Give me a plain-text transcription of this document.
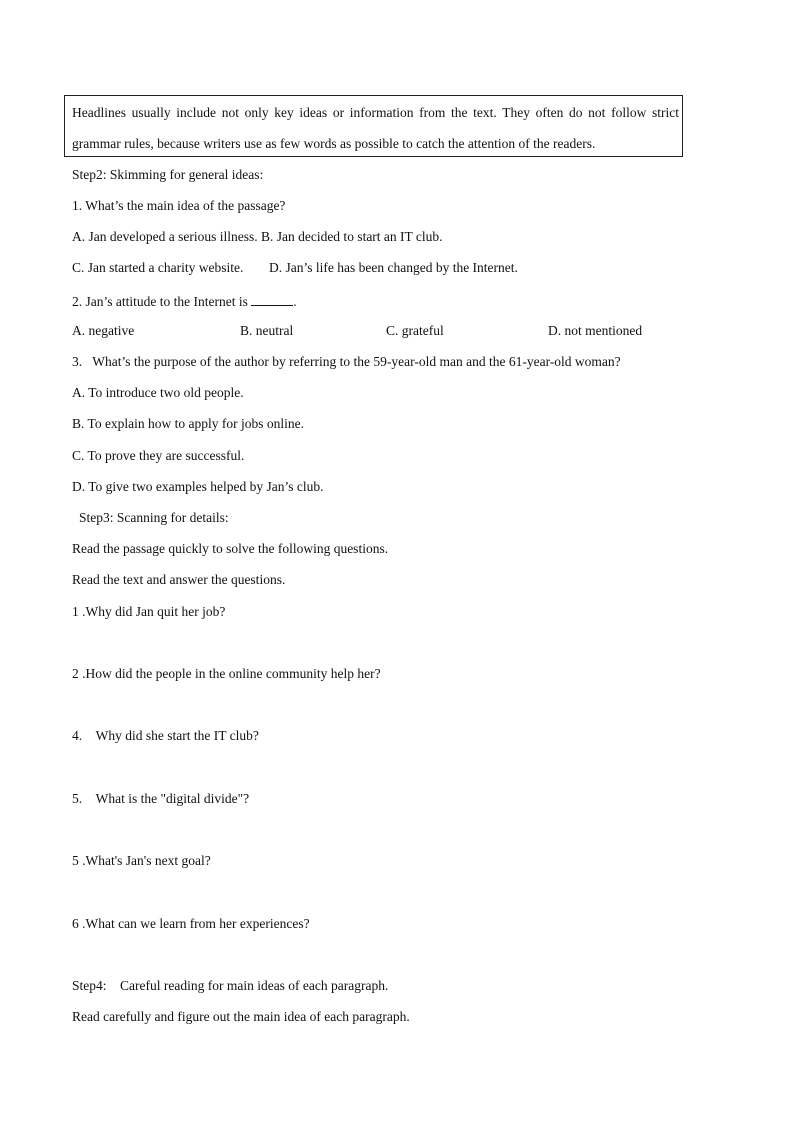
Headlines usually include not only key ideas or information from the text. They often do not follow strict
grammar rules, because writers use as few words as possible to catch the attention of the readers.
Step2: Skimming for general ideas:
1. What’s the main idea of the passage?
A. Jan developed a serious illness. B. Jan decided to start an IT club.
C. Jan started a charity website. D. Jan’s life has been changed by the Internet.
2. Jan’s attitude to the Internet is	.
A. negative	B. neutral	C. grateful	D. not mentioned
3.   What’s the purpose of the author by referring to the 59-year-old man and the 61-year-old woman?
A. To introduce two old people.
B. To explain how to apply for jobs online.
C. To prove they are successful.
D. To give two examples helped by Jan’s club.
Step3: Scanning for details:
Read the passage quickly to solve the following questions.
Read the text and answer the questions.
1 .Why did Jan quit her job?
2 .How did the people in the online community help her?
4.    Why did she start the IT club?
5.    What is the "digital divide"?
5 .What's Jan's next goal?
6 .What can we learn from her experiences?
Step4:    Careful reading for main ideas of each paragraph.
Read carefully and figure out the main idea of each paragraph.
